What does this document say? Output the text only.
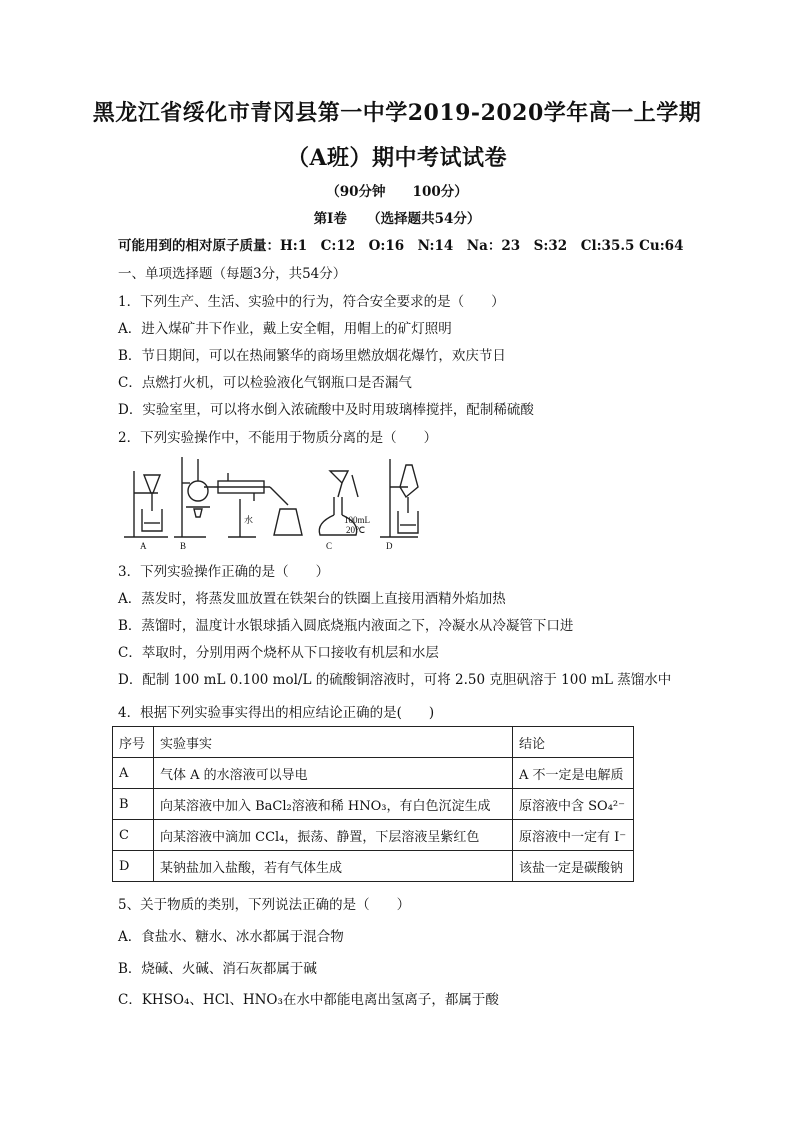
黑龙江省绥化市青冈县第一中学2019-2020学年高一上学期
（A班）期中考试试卷
（90分钟　　100分）
第Ⅰ卷　　（选择题共54分）
可能用到的相对原子质量：H:1　C:12　O:16　N:14　Na：23　S:32　Cl:35.5 Cu:64
一、单项选择题（每题3分，共54分）
1．下列生产、生活、实验中的行为，符合安全要求的是（　　）
A．进入煤矿井下作业，戴上安全帽，用帽上的矿灯照明
B．节日期间，可以在热闹繁华的商场里燃放烟花爆竹，欢庆节日
C．点燃打火机，可以检验液化气钢瓶口是否漏气
D．实验室里，可以将水倒入浓硫酸中及时用玻璃棒搅拌，配制稀硫酸
2．下列实验操作中，不能用于物质分离的是（　　）
A	B
水
C
100mL
20℃
D
3．下列实验操作正确的是（　　）
A．蒸发时，将蒸发皿放置在铁架台的铁圈上直接用酒精外焰加热
B．蒸馏时，温度计水银球插入圆底烧瓶内液面之下，冷凝水从冷凝管下口进
C．萃取时，分别用两个烧杯从下口接收有机层和水层
D．配制 100 mL 0.100 mol/L 的硫酸铜溶液时，可将 2.50 克胆矾溶于 100 mL 蒸馏水中
4．根据下列实验事实得出的相应结论正确的是(　　)
序号	实验事实	结论
A	气体 A 的水溶液可以导电	A 不一定是电解质
B	向某溶液中加入 BaCl₂溶液和稀 HNO₃，有白色沉淀生成	原溶液中含 SO₄²⁻
C	向某溶液中滴加 CCl₄，振荡、静置，下层溶液呈紫红色	原溶液中一定有 I⁻
D	某钠盐加入盐酸，若有气体生成	该盐一定是碳酸钠
5、关于物质的类别，下列说法正确的是（　　）
A．食盐水、糖水、冰水都属于混合物
B．烧碱、火碱、消石灰都属于碱
C．KHSO₄、HCl、HNO₃在水中都能电离出氢离子，都属于酸
